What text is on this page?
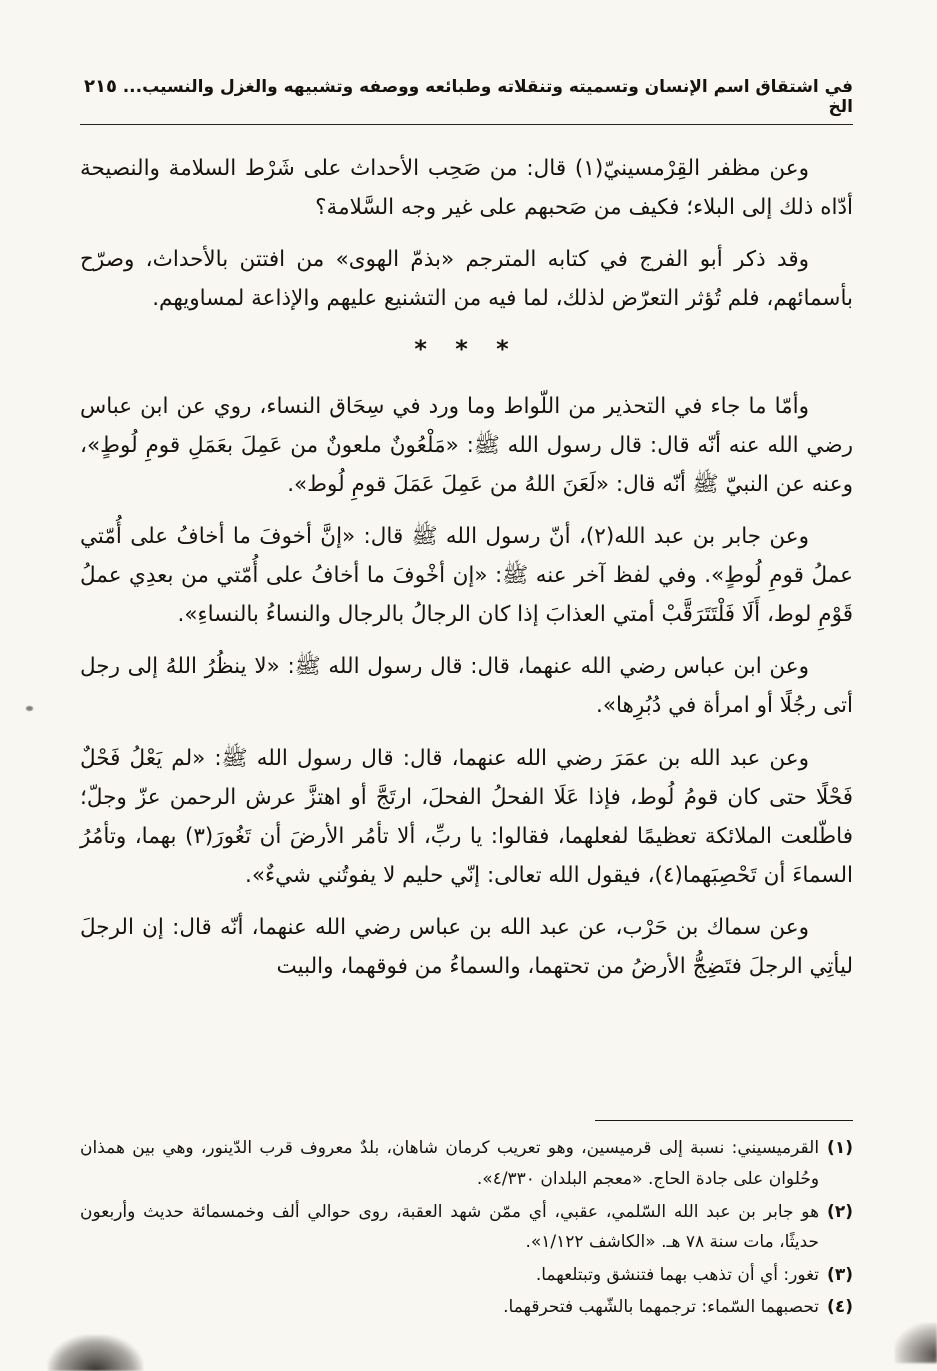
في اشتقاق اسم الإنسان وتسميته وتنقلاته وطبائعه ووصفه وتشبيهه والغزل والنسيب... الخ
٢١٥

وعن مظفر القِرْمسينيّ(١) قال: من صَحِب الأحداث على شَرْط السلامة والنصيحة أدّاه ذلك إلى البلاء؛ فكيف من صَحبهم على غير وجه السَّلامة؟

وقد ذكر أبو الفرج في كتابه المترجم «بذمّ الهوى» من افتتن بالأحداث، وصرّح بأسمائهم، فلم تُؤثر التعرّض لذلك، لما فيه من التشنيع عليهم والإذاعة لمساويهم.

* * *

وأمّا ما جاء في التحذير من اللّواط وما ورد في سِحَاق النساء، روي عن ابن عباس رضي الله عنه أنّه قال: قال رسول الله ﷺ: «مَلْعُونٌ ملعونٌ من عَمِلَ بعَمَلِ قومِ لُوطٍ»، وعنه عن النبيّ ﷺ أنّه قال: «لَعَنَ اللهُ من عَمِلَ عَمَلَ قومِ لُوط».

وعن جابر بن عبد الله(٢)، أنّ رسول الله ﷺ قال: «إنَّ أخوفَ ما أخافُ على أُمّتي عملُ قومِ لُوطٍ». وفي لفظ آخر عنه ﷺ: «إن أخْوفَ ما أخافُ على أُمّتي من بعدِي عملُ قَوْمِ لوط، أَلَا فَلْتَتَرَقَّبْ أمتي العذابَ إذا كان الرجالُ بالرجال والنساءُ بالنساءِ».

وعن ابن عباس رضي الله عنهما، قال: قال رسول الله ﷺ: «لا ينظُرُ اللهُ إلى رجل أتى رجُلًا أو امرأة في دُبُرِها».

وعن عبد الله بن عمَرَ رضي الله عنهما، قال: قال رسول الله ﷺ: «لم يَعْلُ فَحْلٌ فَحْلًا حتى كان قومُ لُوط، فإذا عَلَا الفحلُ الفحلَ، ارتَجَّ أو اهتزَّ عرش الرحمن عزّ وجلّ؛ فاطّلعت الملائكة تعظيمًا لفعلهما، فقالوا: يا ربِّ، ألا تأمُر الأرضَ أن تَغُورَ(٣) بهما، وتأمُرُ السماءَ أن تَحْصِبَهما(٤)، فيقول الله تعالى: إنّي حليم لا يفوتُني شيءٌ».

وعن سماك بن حَرْب، عن عبد الله بن عباس رضي الله عنهما، أنّه قال: إن الرجلَ ليأتِي الرجلَ فتَضِجُّ الأرضُ من تحتهما، والسماءُ من فوقهما، والبيت

(١)
القرميسيني: نسبة إلى قرميسين، وهو تعريب كرمان شاهان، بلدٌ معروف قرب الدّينور، وهي بين همذان وحُلوان على جادة الحاج. «معجم البلدان ٤/٣٣٠».
(٢)
هو جابر بن عبد الله السّلمي، عقبي، أي ممّن شهد العقبة، روى حوالي ألف وخمسمائة حديث وأربعون حديثًا، مات سنة ٧٨ هـ. «الكاشف ١/١٢٢».
(٣)
تغور: أي أن تذهب بهما فتنشق وتبتلعهما.
(٤)
تحصبهما السّماء: ترجمهما بالشّهب فتحرقهما.
